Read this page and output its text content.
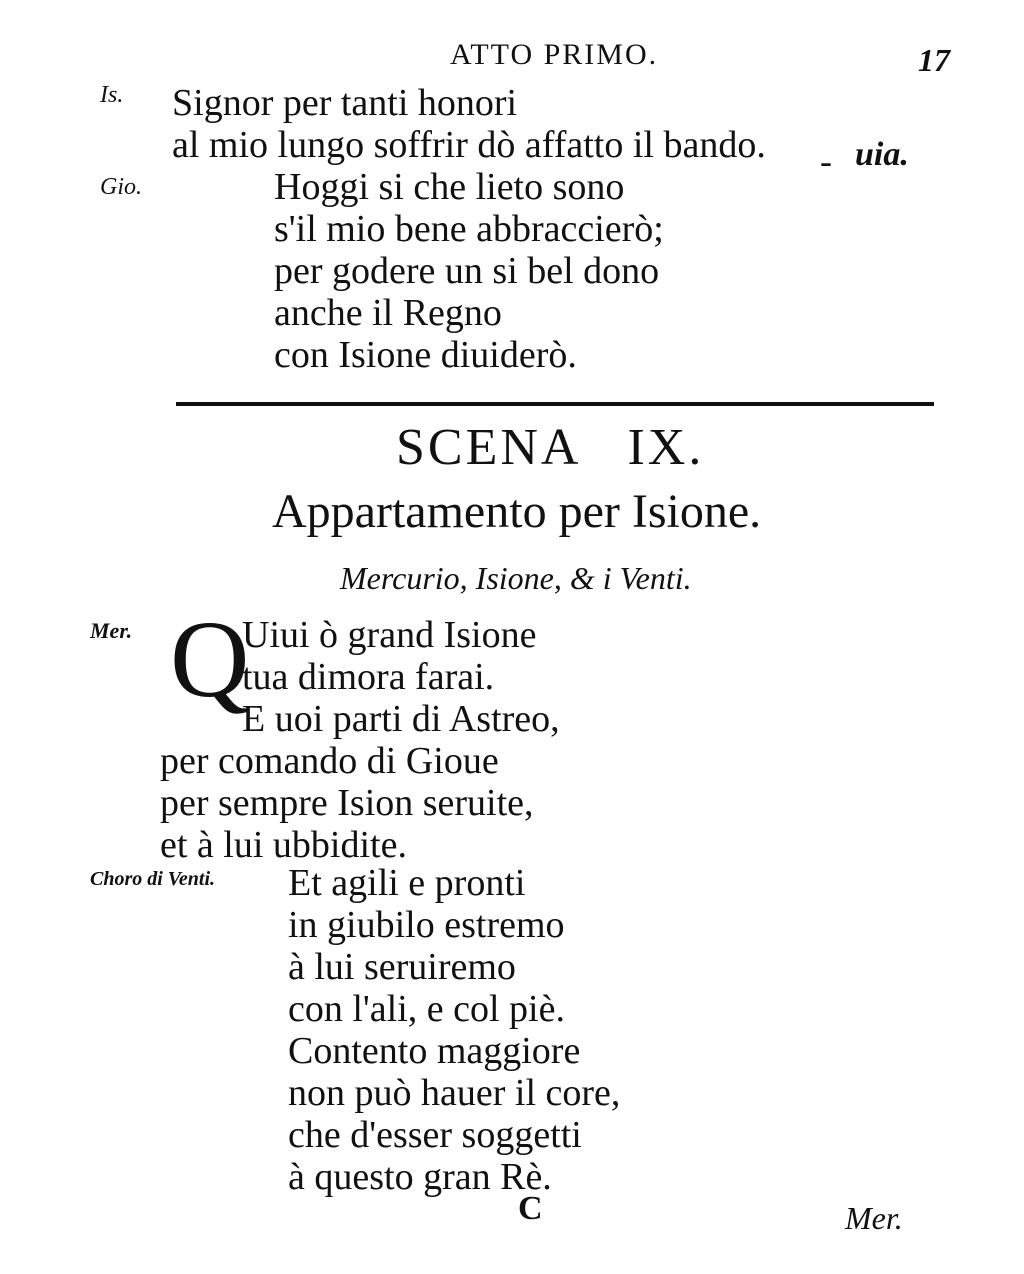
ATTO PRIMO.	17
Is. Signor per tanti honori
al mio lungo soffrir dò affatto il bando. - uia.
Gio.	Hoggi si che lieto sono
s'il mio bene abbraccierò;
per godere un si bel dono
anche il Regno
con Isione diuiderò.
SCENA IX.
Appartamento per Isione.
Mercurio, Isione, & i Venti.
Mer. Q
Uiui ò grand Isione
tua dimora farai.
E uoi parti di Astreo,
per comando di Gioue
per sempre Ision seruite,
et à lui ubbidite.
Choro di Venti. Et agili e pronti
in giubilo estremo
à lui seruiremo
con l'ali, e col piè.
Contento maggiore
non può hauer il core,
che d'esser soggetti
à questo gran Rè.
C	Mer.
